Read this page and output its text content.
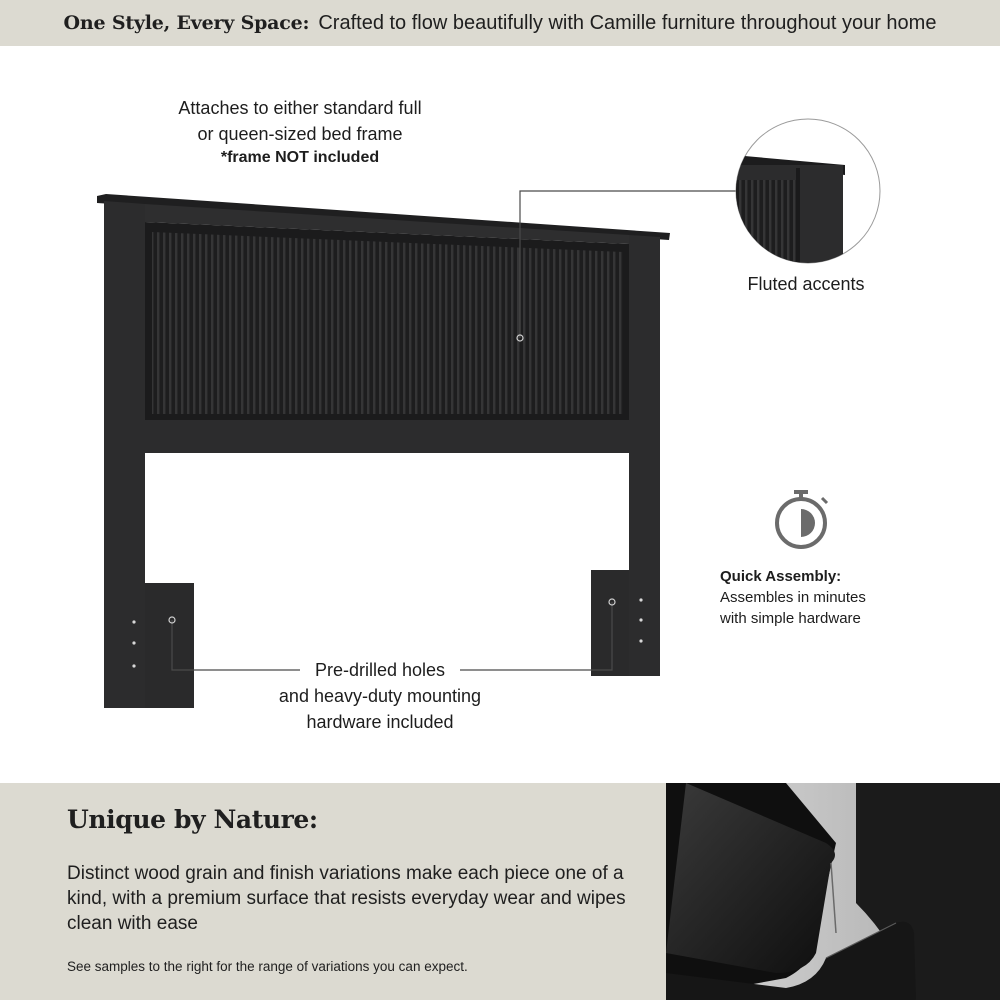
One Style, Every Space: Crafted to flow beautifully with Camille furniture throughout your home
Attaches to either standard full
or queen-sized bed frame
*frame NOT included
Fluted accents
Quick Assembly:
Assembles in minutes
with simple hardware
Pre-drilled holes
and heavy-duty mounting
hardware included
Unique by Nature:
Distinct wood grain and finish variations make each piece one of a kind, with a premium surface that resists everyday wear and wipes clean with ease
See samples to the right for the range of variations you can expect.
